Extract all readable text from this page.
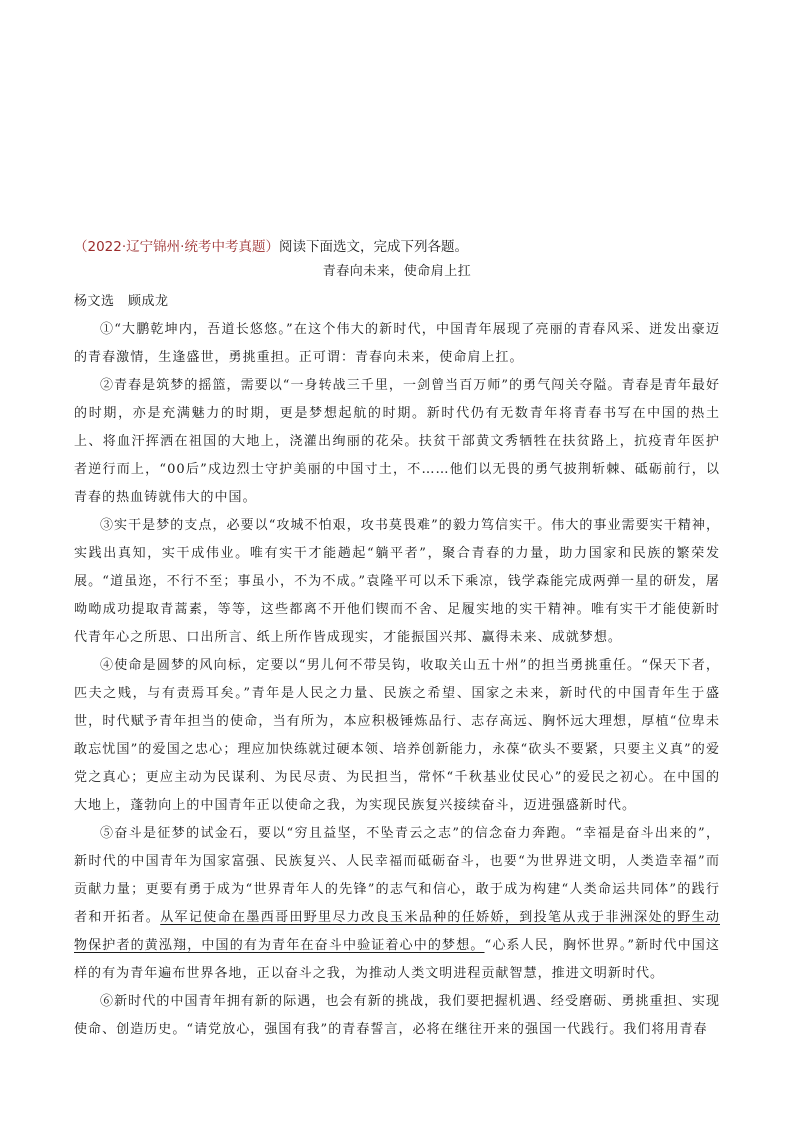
（2022·辽宁锦州·统考中考真题）阅读下面选文，完成下列各题。
青春向未来，使命肩上扛
杨文选　顾成龙

①“大鹏乾坤内，吾道长悠悠。”在这个伟大的新时代，中国青年展现了亮丽的青春风采、迸发出豪迈的青春激情，生逢盛世，勇挑重担。正可谓：青春向未来，使命肩上扛。

②青春是筑梦的摇篮，需要以“一身转战三千里，一剑曾当百万师”的勇气闯关夺隘。青春是青年最好的时期，亦是充满魅力的时期，更是梦想起航的时期。新时代仍有无数青年将青春书写在中国的热土上、将血汗挥洒在祖国的大地上，浇灌出绚丽的花朵。扶贫干部黄文秀牺牲在扶贫路上，抗疫青年医护者逆行而上，“00后”戍边烈士守护美丽的中国寸土，不……他们以无畏的勇气披荆斩棘、砥砺前行，以青春的热血铸就伟大的中国。

③实干是梦的支点，必要以“攻城不怕艰，攻书莫畏难”的毅力笃信实干。伟大的事业需要实干精神，实践出真知，实干成伟业。唯有实干才能趟起“躺平者”，聚合青春的力量，助力国家和民族的繁荣发展。“道虽迩，不行不至；事虽小，不为不成。”袁隆平可以禾下乘凉，钱学森能完成两弹一星的研发，屠呦呦成功提取青蒿素，等等，这些都离不开他们锲而不舍、足履实地的实干精神。唯有实干才能使新时代青年心之所思、口出所言、纸上所作皆成现实，才能振国兴邦、赢得未来、成就梦想。

④使命是圆梦的风向标，定要以“男儿何不带吴钩，收取关山五十州”的担当勇挑重任。“保天下者，匹夫之贱，与有责焉耳矣。”青年是人民之力量、民族之希望、国家之未来，新时代的中国青年生于盛世，时代赋予青年担当的使命，当有所为，本应积极锤炼品行、志存高远、胸怀远大理想，厚植“位卑未敢忘忧国”的爱国之忠心；理应加快练就过硬本领、培养创新能力，永葆“砍头不要紧，只要主义真”的爱党之真心；更应主动为民谋利、为民尽责、为民担当，常怀“千秋基业仗民心”的爱民之初心。在中国的大地上，蓬勃向上的中国青年正以使命之我，为实现民族复兴接续奋斗，迈进强盛新时代。

⑤奋斗是征梦的试金石，要以“穷且益坚，不坠青云之志”的信念奋力奔跑。“幸福是奋斗出来的”，新时代的中国青年为国家富强、民族复兴、人民幸福而砥砺奋斗，也要“为世界进文明，人类造幸福”而贡献力量；更要有勇于成为“世界青年人的先锋”的志气和信心，敢于成为构建“人类命运共同体”的践行者和开拓者。从军记使命在墨西哥田野里尽力改良玉米品种的任娇娇，到投笔从戎于非洲深处的野生动物保护者的黄泓翔，中国的有为青年在奋斗中验证着心中的梦想。“心系人民，胸怀世界。”新时代中国这样的有为青年遍布世界各地，正以奋斗之我，为推动人类文明进程贡献智慧，推进文明新时代。

⑥新时代的中国青年拥有新的际遇，也会有新的挑战，我们要把握机遇、经受磨砺、勇挑重担、实现使命、创造历史。“请党放心，强国有我”的青春誓言，必将在继往开来的强国一代践行。我们将用青春
